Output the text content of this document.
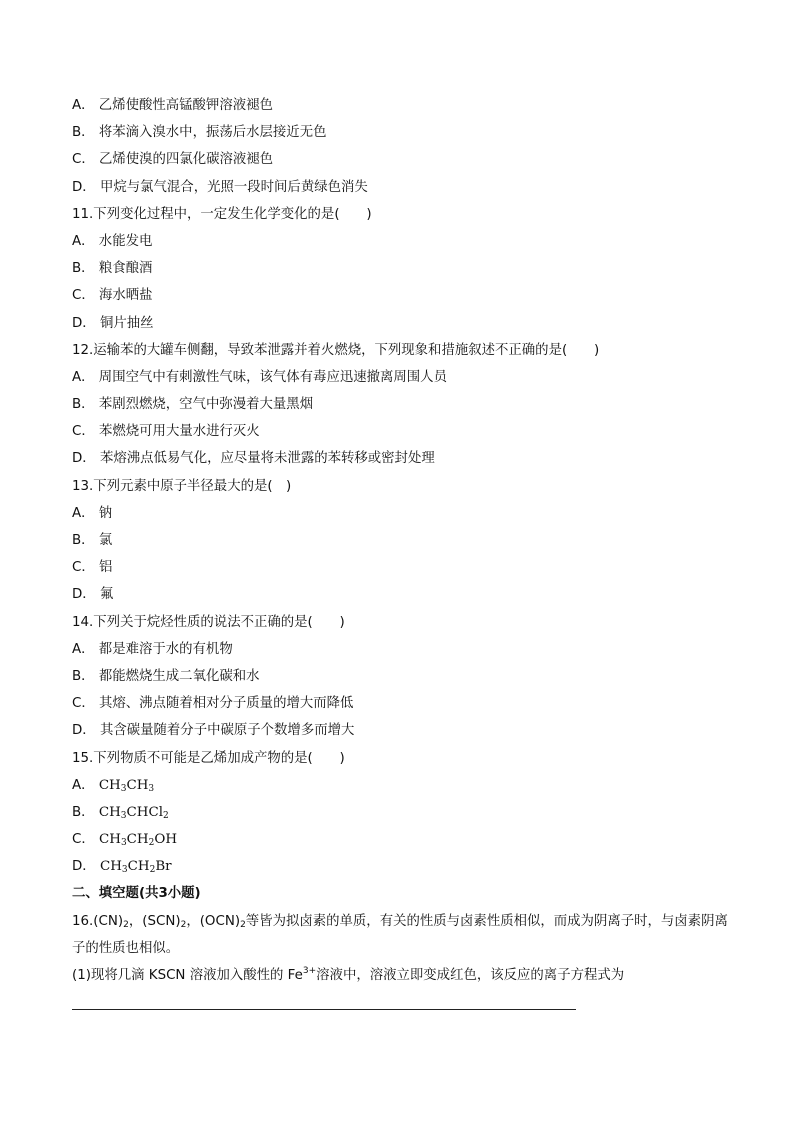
A． 乙烯使酸性高锰酸钾溶液褪色
B． 将苯滴入溴水中，振荡后水层接近无色
C． 乙烯使溴的四氯化碳溶液褪色
D． 甲烷与氯气混合，光照一段时间后黄绿色消失
11.下列变化过程中，一定发生化学变化的是(　　)
A． 水能发电
B． 粮食酿酒
C． 海水晒盐
D． 铜片抽丝
12.运输苯的大罐车侧翻，导致苯泄露并着火燃烧，下列现象和措施叙述不正确的是(　　)
A． 周围空气中有刺激性气味，该气体有毒应迅速撤离周围人员
B． 苯剧烈燃烧，空气中弥漫着大量黑烟
C． 苯燃烧可用大量水进行灭火
D． 苯熔沸点低易气化，应尽量将未泄露的苯转移或密封处理
13.下列元素中原子半径最大的是(　)
A． 钠
B． 氯
C． 铝
D． 氟
14.下列关于烷烃性质的说法不正确的是(　　)
A． 都是难溶于水的有机物
B． 都能燃烧生成二氧化碳和水
C． 其熔、沸点随着相对分子质量的增大而降低
D． 其含碳量随着分子中碳原子个数增多而增大
15.下列物质不可能是乙烯加成产物的是(　　)
A． $CH_3CH_3$
B． $CH_3CHCl_2$
C． $CH_3CH_2OH$
D． $CH_3CH_2Br$
二、填空题(共3小题)
$16.(CN)_2$，$(SCN)_2$，$(OCN)_2$等皆为拟卤素的单质，有关的性质与卤素性质相似，而成为阴离子时，与卤素阴离子的性质也相似。
(1)现将几滴 KSCN 溶液加入酸性的 $Fe^{3+}$溶液中，溶液立即变成红色，该反应的离子方程式为
